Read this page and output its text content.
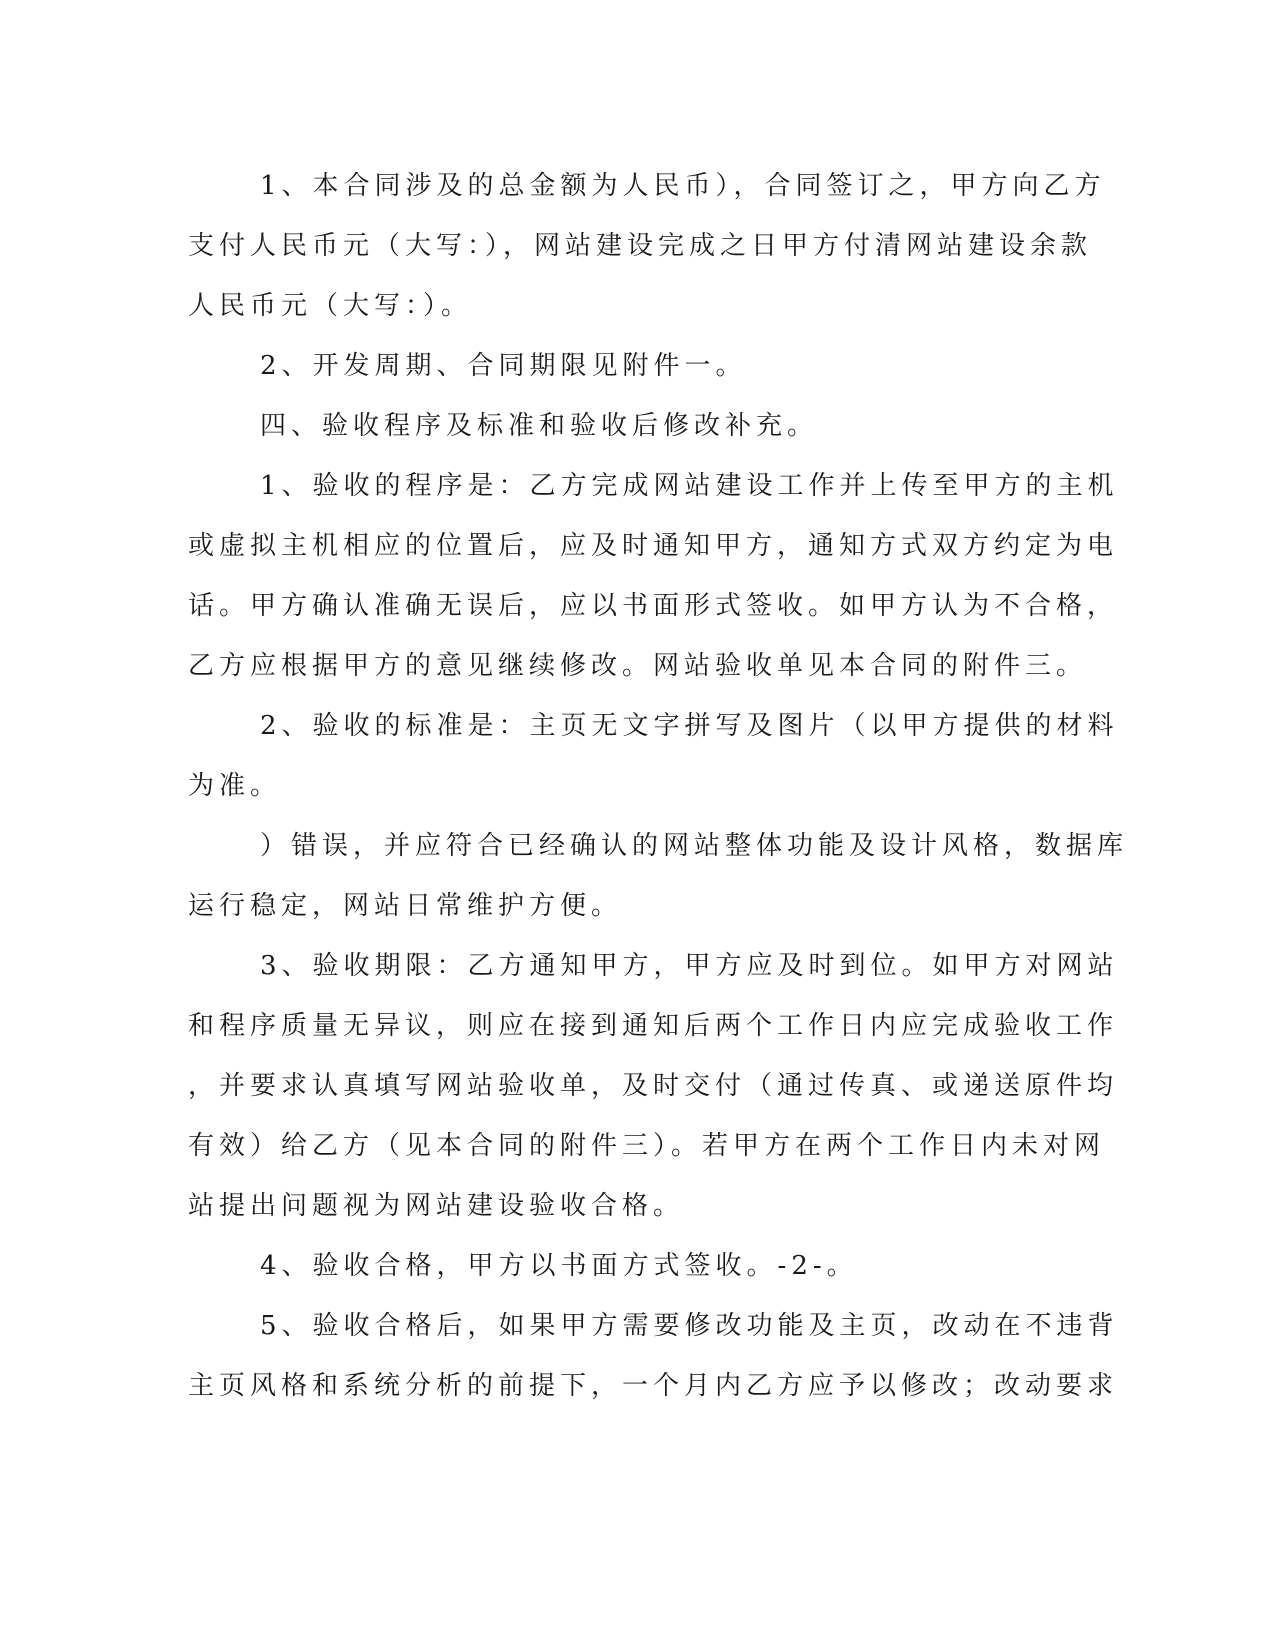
1、本合同涉及的总金额为人民币），合同签订之，甲方向乙方
支付人民币元（大写：），网站建设完成之日甲方付清网站建设余款
人民币元（大写：）。
2、开发周期、合同期限见附件一。
四、验收程序及标准和验收后修改补充。
1、验收的程序是：乙方完成网站建设工作并上传至甲方的主机
或虚拟主机相应的位置后，应及时通知甲方，通知方式双方约定为电
话。甲方确认准确无误后，应以书面形式签收。如甲方认为不合格，
乙方应根据甲方的意见继续修改。网站验收单见本合同的附件三。
2、验收的标准是：主页无文字拼写及图片（以甲方提供的材料
为准。
）错误，并应符合已经确认的网站整体功能及设计风格，数据库
运行稳定，网站日常维护方便。
3、验收期限：乙方通知甲方，甲方应及时到位。如甲方对网站
和程序质量无异议，则应在接到通知后两个工作日内应完成验收工作
，并要求认真填写网站验收单，及时交付（通过传真、或递送原件均
有效）给乙方（见本合同的附件三）。若甲方在两个工作日内未对网
站提出问题视为网站建设验收合格。
4、验收合格，甲方以书面方式签收。-2-。
5、验收合格后，如果甲方需要修改功能及主页，改动在不违背
主页风格和系统分析的前提下，一个月内乙方应予以修改；改动要求
